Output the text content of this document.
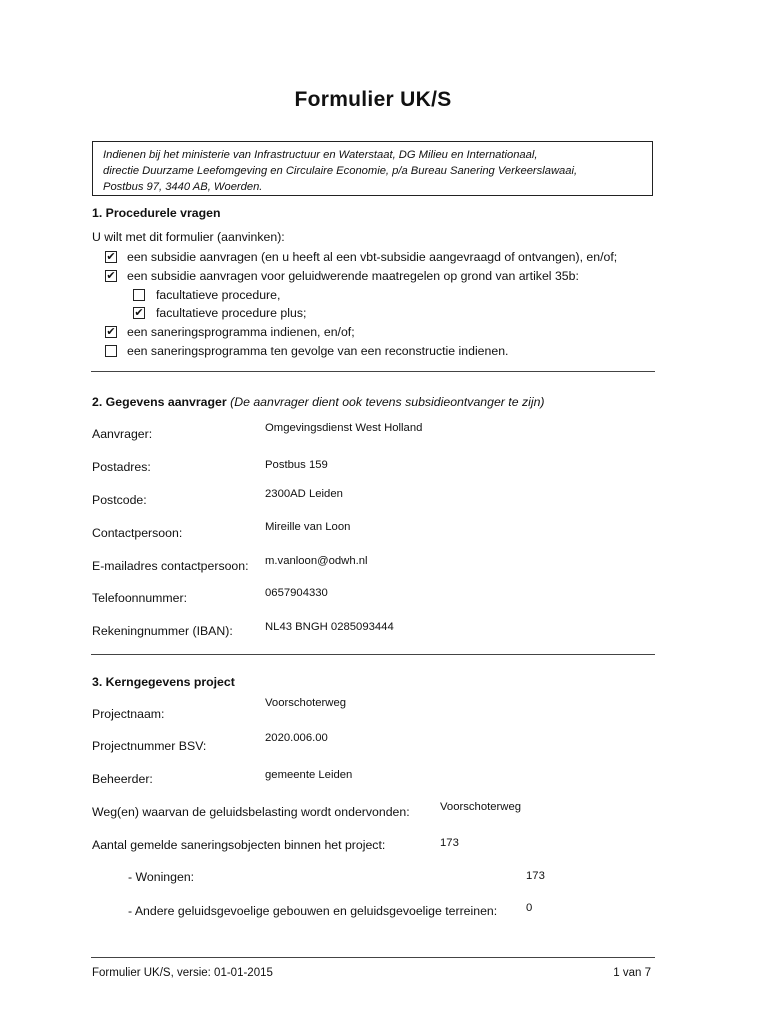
Formulier UK/S
Indienen bij het ministerie van Infrastructuur en Waterstaat, DG Milieu en Internationaal,
directie Duurzame Leefomgeving en Circulaire Economie, p/a Bureau Sanering Verkeerslawaai,
Postbus 97, 3440 AB, Woerden.
1. Procedurele vragen
U wilt met dit formulier (aanvinken):
✔ een subsidie aanvragen (en u heeft al een vbt-subsidie aangevraagd of ontvangen), en/of;
✔ een subsidie aanvragen voor geluidwerende maatregelen op grond van artikel 35b:
facultatieve procedure,
✔ facultatieve procedure plus;
✔ een saneringsprogramma indienen, en/of;
een saneringsprogramma ten gevolge van een reconstructie indienen.
2. Gegevens aanvrager (De aanvrager dient ook tevens subsidieontvanger te zijn)
Aanvrager:	Omgevingsdienst West Holland
Postadres:	Postbus 159
Postcode:	2300AD Leiden
Contactpersoon:	Mireille van Loon
E-mailadres contactpersoon: m.vanloon@odwh.nl
Telefoonnummer:	0657904330
Rekeningnummer (IBAN):	NL43 BNGH 0285093444
3. Kerngegevens project
Projectnaam:
Voorschoterweg
Projectnummer BSV:
2020.006.00
Beheerder:	gemeente Leiden
Weg(en) waarvan de geluidsbelasting wordt ondervonden:	Voorschoterweg
Aantal gemelde saneringsobjecten binnen het project:	173
- Woningen:	173
- Andere geluidsgevoelige gebouwen en geluidsgevoelige terreinen:	0
Formulier UK/S, versie: 01-01-2015	1 van 7
